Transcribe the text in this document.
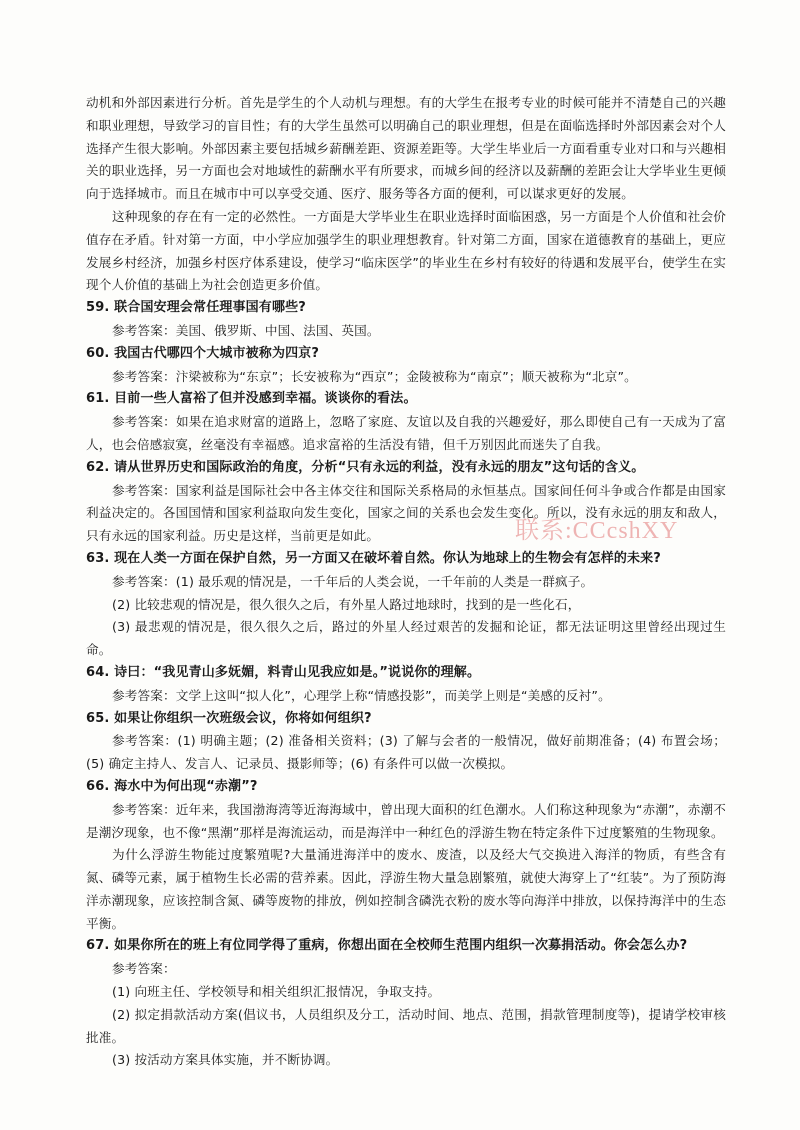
动机和外部因素进行分析。首先是学生的个人动机与理想。有的大学生在报考专业的时候可能并不清楚自己的兴趣和职业理想，导致学习的盲目性；有的大学生虽然可以明确自己的职业理想，但是在面临选择时外部因素会对个人选择产生很大影响。外部因素主要包括城乡薪酬差距、资源差距等。大学生毕业后一方面看重专业对口和与兴趣相关的职业选择，另一方面也会对地域性的薪酬水平有所要求，而城乡间的经济以及薪酬的差距会让大学毕业生更倾向于选择城市。而且在城市中可以享受交通、医疗、服务等各方面的便利，可以谋求更好的发展。

这种现象的存在有一定的必然性。一方面是大学毕业生在职业选择时面临困惑，另一方面是个人价值和社会价值存在矛盾。针对第一方面，中小学应加强学生的职业理想教育。针对第二方面，国家在道德教育的基础上，更应发展乡村经济，加强乡村医疗体系建设，使学习“临床医学”的毕业生在乡村有较好的待遇和发展平台，使学生在实现个人价值的基础上为社会创造更多价值。

59. 联合国安理会常任理事国有哪些?

参考答案：美国、俄罗斯、中国、法国、英国。

60. 我国古代哪四个大城市被称为四京?

参考答案：汴梁被称为“东京”；长安被称为“西京”；金陵被称为“南京”；顺天被称为“北京”。

61. 目前一些人富裕了但并没感到幸福。谈谈你的看法。

参考答案：如果在追求财富的道路上，忽略了家庭、友谊以及自我的兴趣爱好，那么即使自己有一天成为了富人，也会倍感寂寞，丝毫没有幸福感。追求富裕的生活没有错，但千万别因此而迷失了自我。

62. 请从世界历史和国际政治的角度，分析“只有永远的利益，没有永远的朋友”这句话的含义。

参考答案：国家利益是国际社会中各主体交往和国际关系格局的永恒基点。国家间任何斗争或合作都是由国家利益决定的。各国国情和国家利益取向发生变化，国家之间的关系也会发生变化。所以，没有永远的朋友和敌人，只有永远的国家利益。历史是这样，当前更是如此。

63. 现在人类一方面在保护自然，另一方面又在破坏着自然。你认为地球上的生物会有怎样的未来?

参考答案：(1) 最乐观的情况是，一千年后的人类会说，一千年前的人类是一群疯子。

(2) 比较悲观的情况是，很久很久之后，有外星人路过地球时，找到的是一些化石，

(3) 最悲观的情况是，很久很久之后，路过的外星人经过艰苦的发掘和论证，都无法证明这里曾经出现过生命。

64. 诗曰：“我见青山多妩媚，料青山见我应如是。”说说你的理解。

参考答案：文学上这叫“拟人化”，心理学上称“情感投影”，而美学上则是“美感的反衬”。

65. 如果让你组织一次班级会议，你将如何组织?

参考答案：(1) 明确主题；(2) 准备相关资料；(3) 了解与会者的一般情况，做好前期准备；(4) 布置会场；(5) 确定主持人、发言人、记录员、摄影师等；(6) 有条件可以做一次模拟。

66. 海水中为何出现“赤潮”?

参考答案：近年来，我国渤海湾等近海海域中，曾出现大面积的红色潮水。人们称这种现象为“赤潮”，赤潮不是潮汐现象，也不像“黑潮”那样是海流运动，而是海洋中一种红色的浮游生物在特定条件下过度繁殖的生物现象。

为什么浮游生物能过度繁殖呢?大量涌进海洋中的废水、废渣，以及经大气交换进入海洋的物质，有些含有氮、磷等元素，属于植物生长必需的营养素。因此，浮游生物大量急剧繁殖，就使大海穿上了“红装”。为了预防海洋赤潮现象，应该控制含氮、磷等废物的排放，例如控制含磷洗衣粉的废水等向海洋中排放，以保持海洋中的生态平衡。

67. 如果你所在的班上有位同学得了重病，你想出面在全校师生范围内组织一次募捐活动。你会怎么办?

参考答案：

(1) 向班主任、学校领导和相关组织汇报情况，争取支持。

(2) 拟定捐款活动方案(倡议书，人员组织及分工，活动时间、地点、范围，捐款管理制度等)，提请学校审核批准。

(3) 按活动方案具体实施，并不断协调。

联系:CCcshXY
